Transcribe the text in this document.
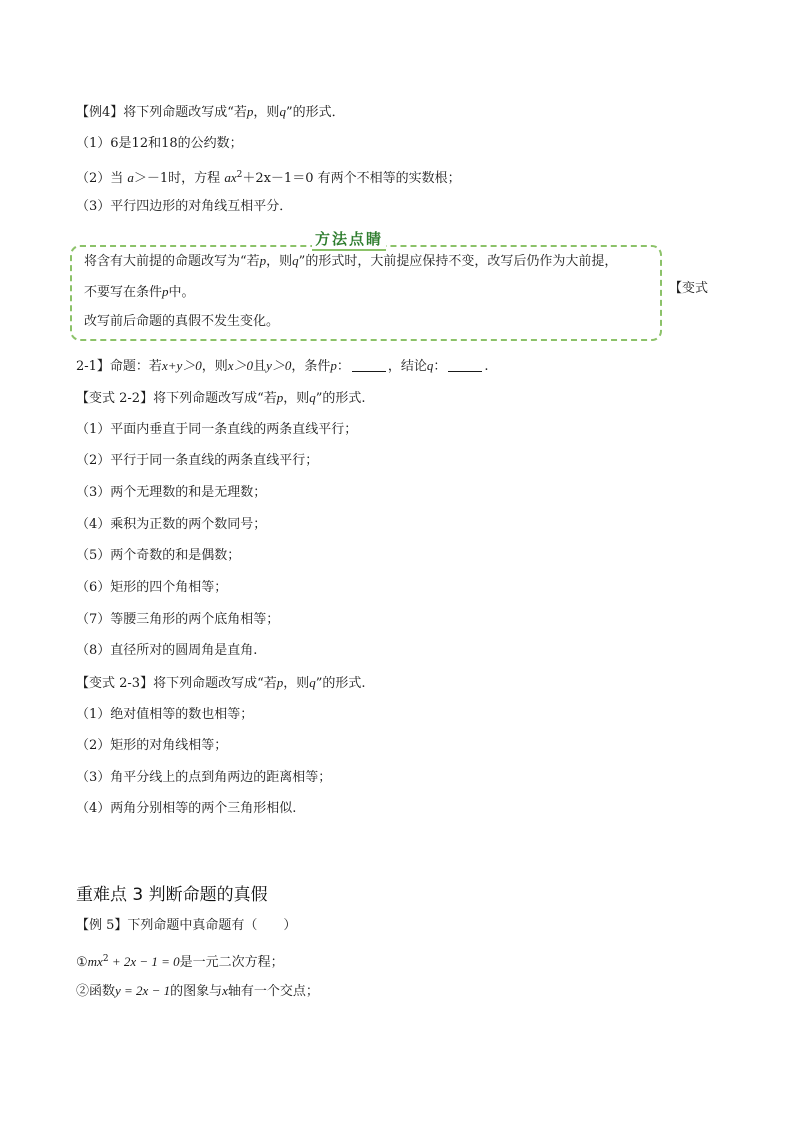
【例4】将下列命题改写成“若p，则q”的形式．
（1）6是12和18的公约数；
（2）当 a＞－1时，方程 $ax^2+2x-1=0$ 有两个不相等的实数根；
（3）平行四边形的对角线互相平分．
方法点睛
将含有大前提的命题改写为“若p，则q”的形式时，大前提应保持不变，改写后仍作为大前提，
不要写在条件p中。
改写前后命题的真假不发生变化。
【变式
2-1】命题：若x+y＞0，则x＞0且y＞0，条件p：	，结论q：	.
【变式 2-2】将下列命题改写成“若p，则q”的形式.
（1）平面内垂直于同一条直线的两条直线平行；
（2）平行于同一条直线的两条直线平行；
（3）两个无理数的和是无理数；
（4）乘积为正数的两个数同号；
（5）两个奇数的和是偶数；
（6）矩形的四个角相等；
（7）等腰三角形的两个底角相等；
（8）直径所对的圆周角是直角.
【变式 2-3】将下列命题改写成“若p，则q”的形式.
（1）绝对值相等的数也相等；
（2）矩形的对角线相等；
（3）角平分线上的点到角两边的距离相等；
（4）两角分别相等的两个三角形相似.
重难点 3 判断命题的真假
【例 5】下列命题中真命题有（　　）
$①mx^2 + 2x - 1 = 0$是一元二次方程；
②函数y = 2x − 1的图象与x轴有一个交点；
